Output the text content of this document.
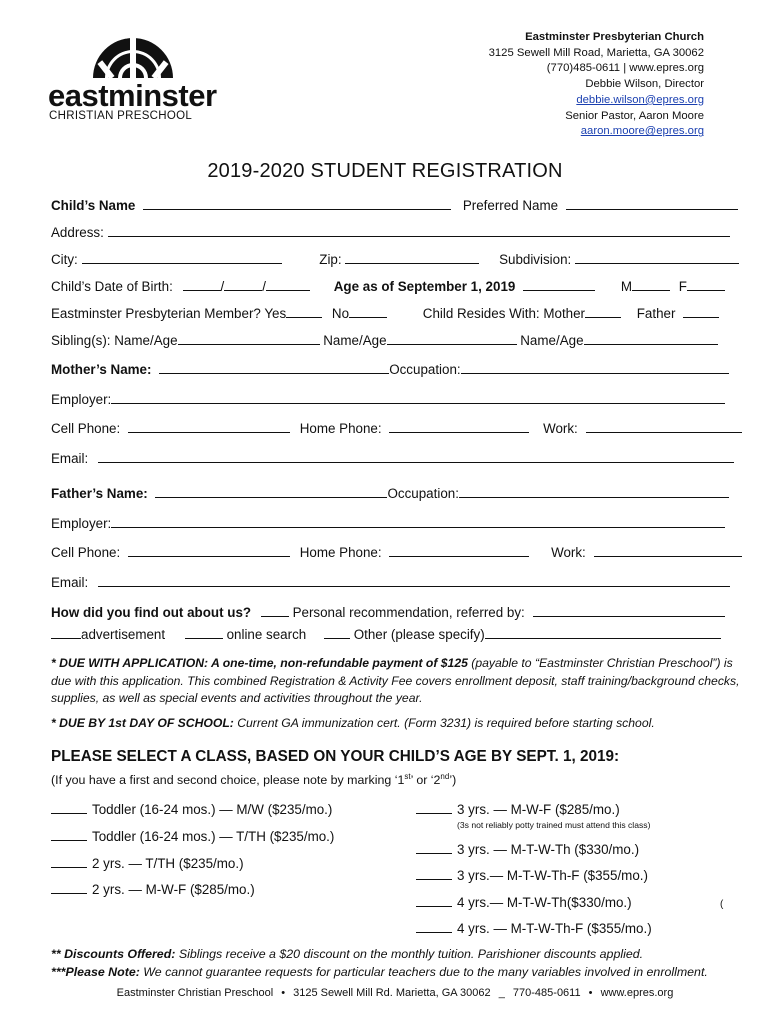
eastminster
CHRISTIAN PRESCHOOL
Eastminster Presbyterian Church
3125 Sewell Mill Road, Marietta, GA 30062
(770)485-0611 | www.epres.org
Debbie Wilson, Director
debbie.wilson@epres.org
Senior Pastor, Aaron Moore
aaron.moore@epres.org
2019-2020 STUDENT REGISTRATION
Child’s Name	Preferred Name
Address:
City:	Zip:	Subdivision:
Child’s Date of Birth:	/	/	Age as of September 1, 2019	M	F
Eastminster Presbyterian Member? Yes	No	Child Resides With: Mother	Father
Sibling(s): Name/Age	Name/Age	Name/Age
Mother’s Name:	Occupation:
Employer:
Cell Phone:	Home Phone:	Work:
Email:
Father’s Name:	Occupation:
Employer:
Cell Phone:	Home Phone:	Work:
Email:
How did you find out about us?	Personal recommendation, referred by:
advertisement	online search	Other (please specify)
* DUE WITH APPLICATION: A one-time, non-refundable payment of $125 (payable to “Eastminster Christian Preschool”) is due with this application. This combined Registration & Activity Fee covers enrollment deposit, staff training/background checks, supplies, as well as special events and activities throughout the year.
* DUE BY 1st DAY OF SCHOOL: Current GA immunization cert. (Form 3231) is required before starting school.
PLEASE SELECT A CLASS, BASED ON YOUR CHILD’S AGE BY SEPT. 1, 2019:
(If you have a first and second choice, please note by marking ‘1st’ or ‘2nd’)
Toddler (16-24 mos.) — M/W ($235/mo.)
Toddler (16-24 mos.) — T/TH ($235/mo.)
2 yrs. — T/TH ($235/mo.)
2 yrs. — M-W-F ($285/mo.)
3 yrs. — M-W-F ($285/mo.)
(3s not reliably potty trained must attend this class)
3 yrs. — M-T-W-Th ($330/mo.)
3 yrs.— M-T-W-Th-F ($355/mo.)
4 yrs.— M-T-W-Th($330/mo.)	(
4 yrs. — M-T-W-Th-F ($355/mo.)
** Discounts Offered: Siblings receive a $20 discount on the monthly tuition. Parishioner discounts applied.
***Please Note: We cannot guarantee requests for particular teachers due to the many variables involved in enrollment.
Eastminster Christian Preschool • 3125 Sewell Mill Rd. Marietta, GA 30062 _ 770-485-0611 • www.epres.org
